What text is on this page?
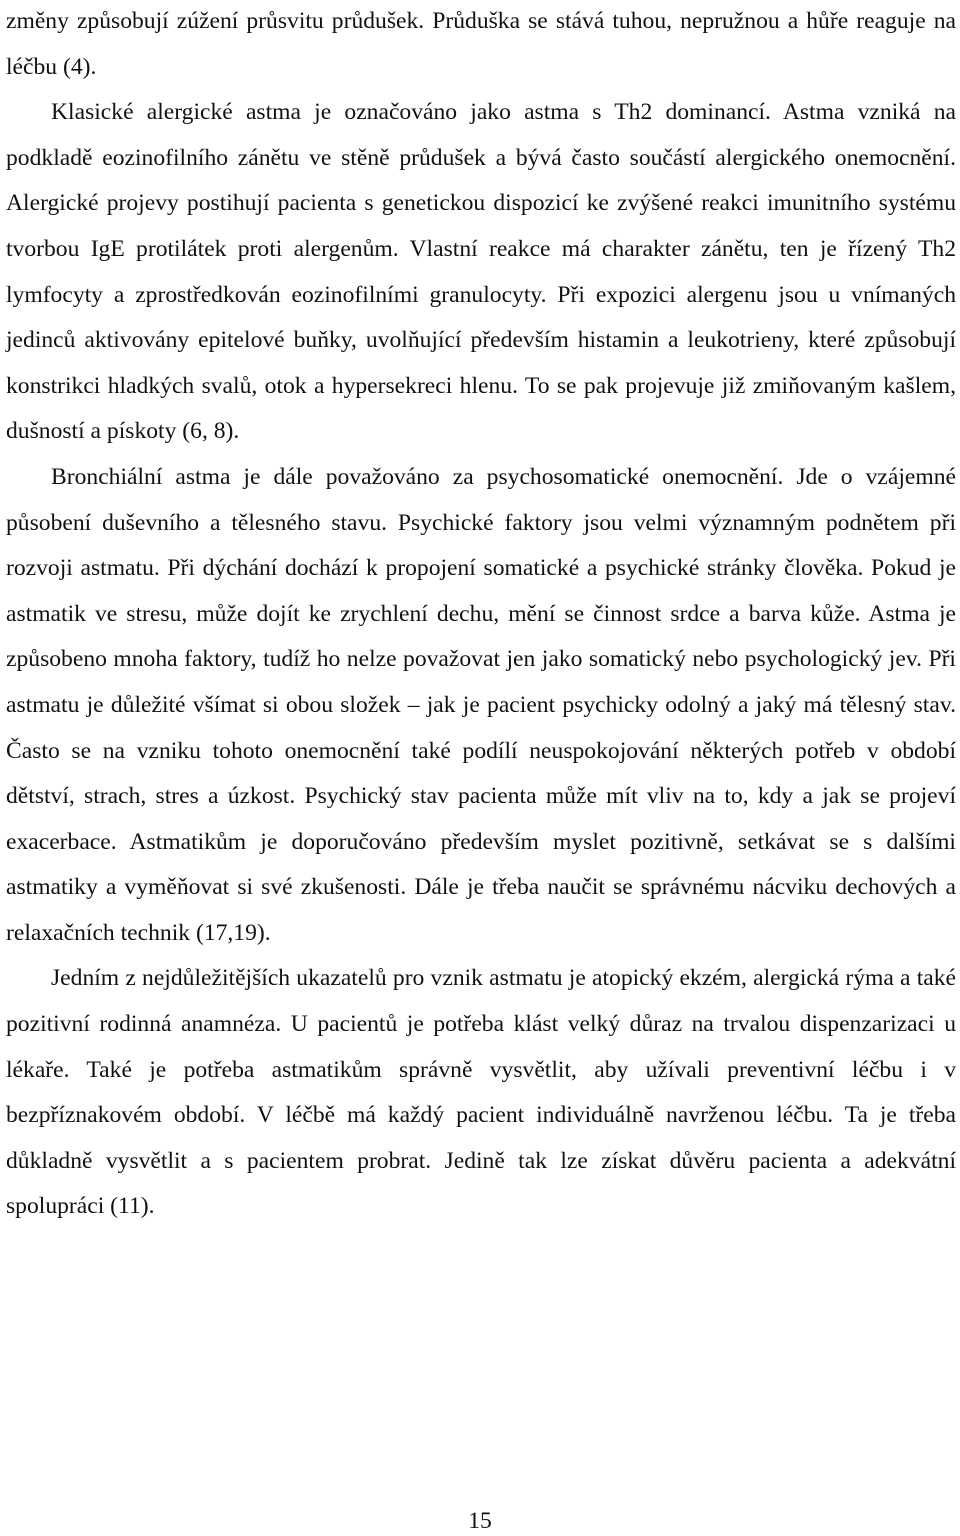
změny způsobují zúžení průsvitu průdušek. Průduška se stává tuhou, nepružnou a hůře reaguje na léčbu (4).

Klasické alergické astma je označováno jako astma s Th2 dominancí. Astma vzniká na podkladě eozinofilního zánětu ve stěně průdušek a bývá často součástí alergického onemocnění. Alergické projevy postihují pacienta s genetickou dispozicí ke zvýšené reakci imunitního systému tvorbou IgE protilátek proti alergenům. Vlastní reakce má charakter zánětu, ten je řízený Th2 lymfocyty a zprostředkován eozinofilními granulocyty. Při expozici alergenu jsou u vnímaných jedinců aktivovány epitelové buňky, uvolňující především histamin a leukotrieny, které způsobují konstrikci hladkých svalů, otok a hypersekreci hlenu. To se pak projevuje již zmiňovaným kašlem, dušností a pískoty (6, 8).

Bronchiální astma je dále považováno za psychosomatické onemocnění. Jde o vzájemné působení duševního a tělesného stavu. Psychické faktory jsou velmi významným podnětem při rozvoji astmatu. Při dýchání dochází k propojení somatické a psychické stránky člověka. Pokud je astmatik ve stresu, může dojít ke zrychlení dechu, mění se činnost srdce a barva kůže. Astma je způsobeno mnoha faktory, tudíž ho nelze považovat jen jako somatický nebo psychologický jev. Při astmatu je důležité všímat si obou složek – jak je pacient psychicky odolný a jaký má tělesný stav. Často se na vzniku tohoto onemocnění také podílí neuspokojování některých potřeb v období dětství, strach, stres a úzkost. Psychický stav pacienta může mít vliv na to, kdy a jak se projeví exacerbace. Astmatikům je doporučováno především myslet pozitivně, setkávat se s dalšími astmatiky a vyměňovat si své zkušenosti. Dále je třeba naučit se správnému nácviku dechových a relaxačních technik (17,19).

Jedním z nejdůležitějších ukazatelů pro vznik astmatu je atopický ekzém, alergická rýma a také pozitivní rodinná anamnéza. U pacientů je potřeba klást velký důraz na trvalou dispenzarizaci u lékaře. Také je potřeba astmatikům správně vysvětlit, aby užívali preventivní léčbu i v bezpříznakovém období. V léčbě má každý pacient individuálně navrženou léčbu. Ta je třeba důkladně vysvětlit a s pacientem probrat. Jedině tak lze získat důvěru pacienta a adekvátní spolupráci (11).

15
